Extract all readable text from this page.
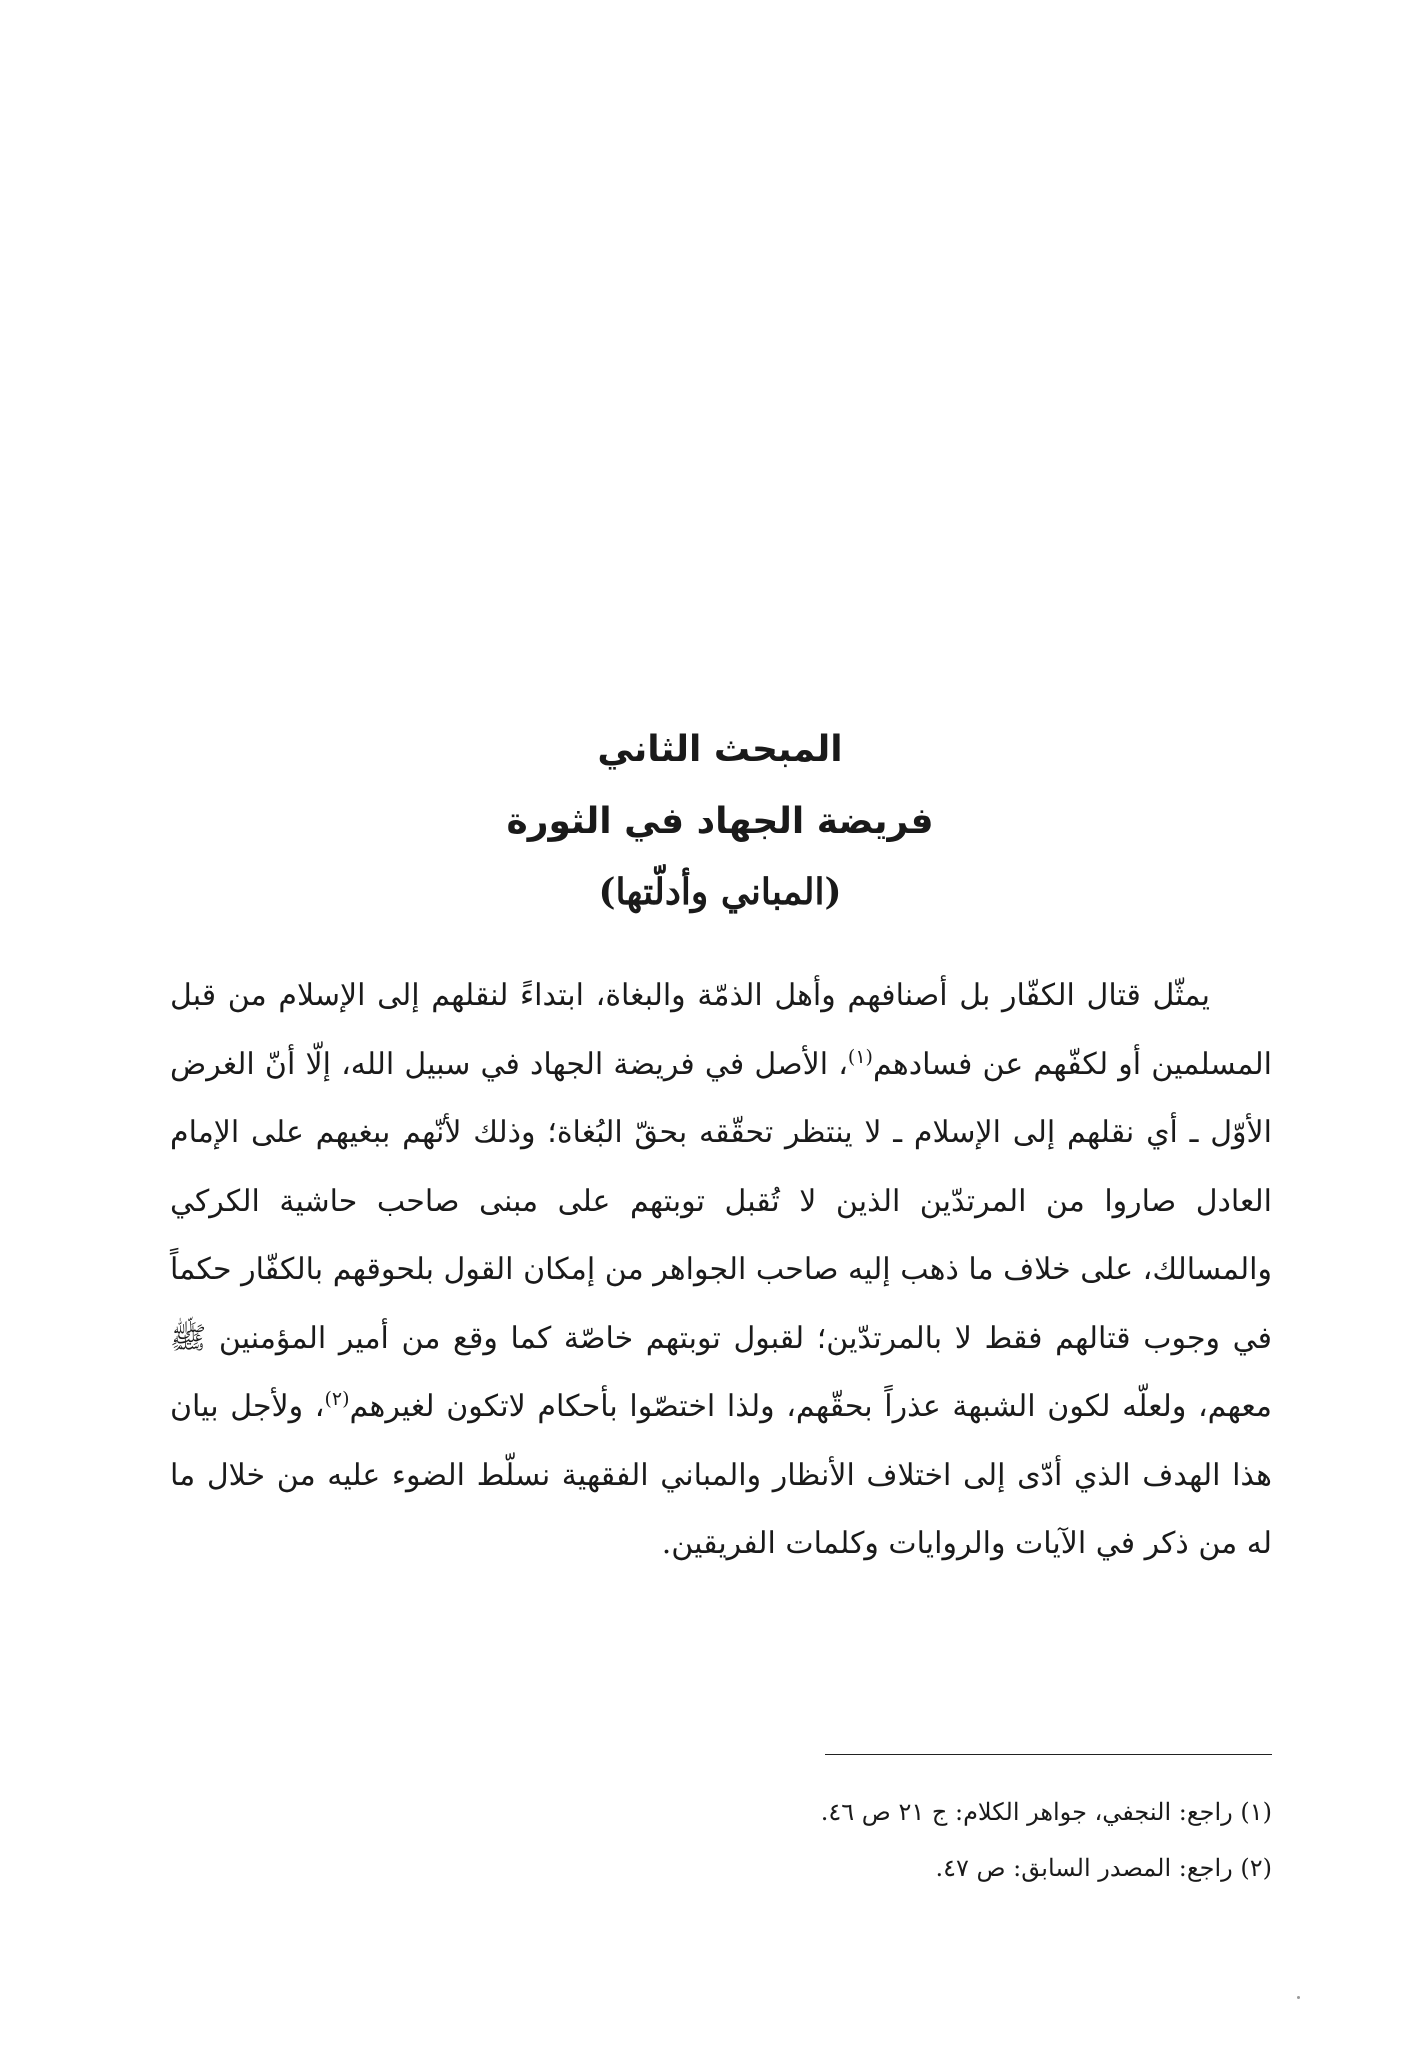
المبحث الثاني
فريضة الجهاد في الثورة
(المباني وأدلّتها)

يمثّل قتال الكفّار بل أصنافهم وأهل الذمّة والبغاة، ابتداءً لنقلهم إلى الإسلام من قبل المسلمين أو لكفّهم عن فسادهم$^{(١)}$، الأصل في فريضة الجهاد في سبيل الله، إلّا أنّ الغرض الأوّل ـ أي نقلهم إلى الإسلام ـ لا ينتظر تحقّقه بحقّ البُغاة؛ وذلك لأنّهم ببغيهم على الإمام العادل صاروا من المرتدّين الذين لا تُقبل توبتهم على مبنى صاحب حاشية الكركي والمسالك، على خلاف ما ذهب إليه صاحب الجواهر من إمكان القول بلحوقهم بالكفّار حكماً في وجوب قتالهم فقط لا بالمرتدّين؛ لقبول توبتهم خاصّة كما وقع من أمير المؤمنين ﷺ معهم، ولعلّه لكون الشبهة عذراً بحقّهم، ولذا اختصّوا بأحكام لاتكون لغيرهم$^{(٢)}$، ولأجل بيان هذا الهدف الذي أدّى إلى اختلاف الأنظار والمباني الفقهية نسلّط الضوء عليه من خلال ما له من ذكر في الآيات والروايات وكلمات الفريقين.

(١) راجع: النجفي، جواهر الكلام: ج ٢١ ص ٤٦.
(٢) راجع: المصدر السابق: ص ٤٧.
